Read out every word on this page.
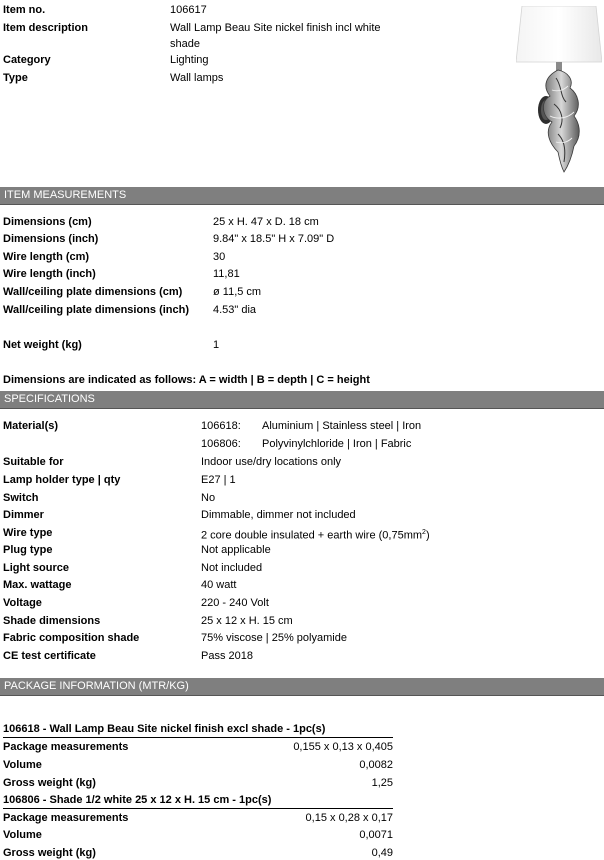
Item no.	106617
Item description	Wall Lamp Beau Site nickel finish incl white
shade
Category	Lighting
Type	Wall lamps
ITEM MEASUREMENTS
Dimensions (cm)	25 x H. 47 x D. 18 cm
Dimensions (inch)	9.84" x 18.5" H x 7.09" D
Wire length (cm)	30
Wire length (inch)	11,81
Wall/ceiling plate dimensions (cm)	ø 11,5 cm
Wall/ceiling plate dimensions (inch) 4.53" dia
Net weight (kg)	1
Dimensions are indicated as follows: A = width | B = depth | C = height
SPECIFICATIONS
Material(s)	106618: Aluminium | Stainless steel | Iron
106806: Polyvinylchloride | Iron | Fabric
Suitable for	Indoor use/dry locations only
Lamp holder type | qty	E27 | 1
Switch	No
Dimmer	Dimmable, dimmer not included
Wire type	2 core double insulated + earth wire $(0,75mm^2)$
Plug type	Not applicable
Light source	Not included
Max. wattage	40 watt
Voltage	220 - 240 Volt
Shade dimensions	25 x 12 x H. 15 cm
Fabric composition shade	75% viscose | 25% polyamide
CE test certificate	Pass 2018
PACKAGE INFORMATION (MTR/KG)
106618 - Wall Lamp Beau Site nickel finish excl shade - 1pc(s)
Package measurements	0,155 x 0,13 x 0,405
Volume	0,0082
Gross weight (kg)	1,25
106806 - Shade 1/2 white 25 x 12 x H. 15 cm - 1pc(s)
Package measurements	0,15 x 0,28 x 0,17
Volume	0,0071
Gross weight (kg)	0,49
